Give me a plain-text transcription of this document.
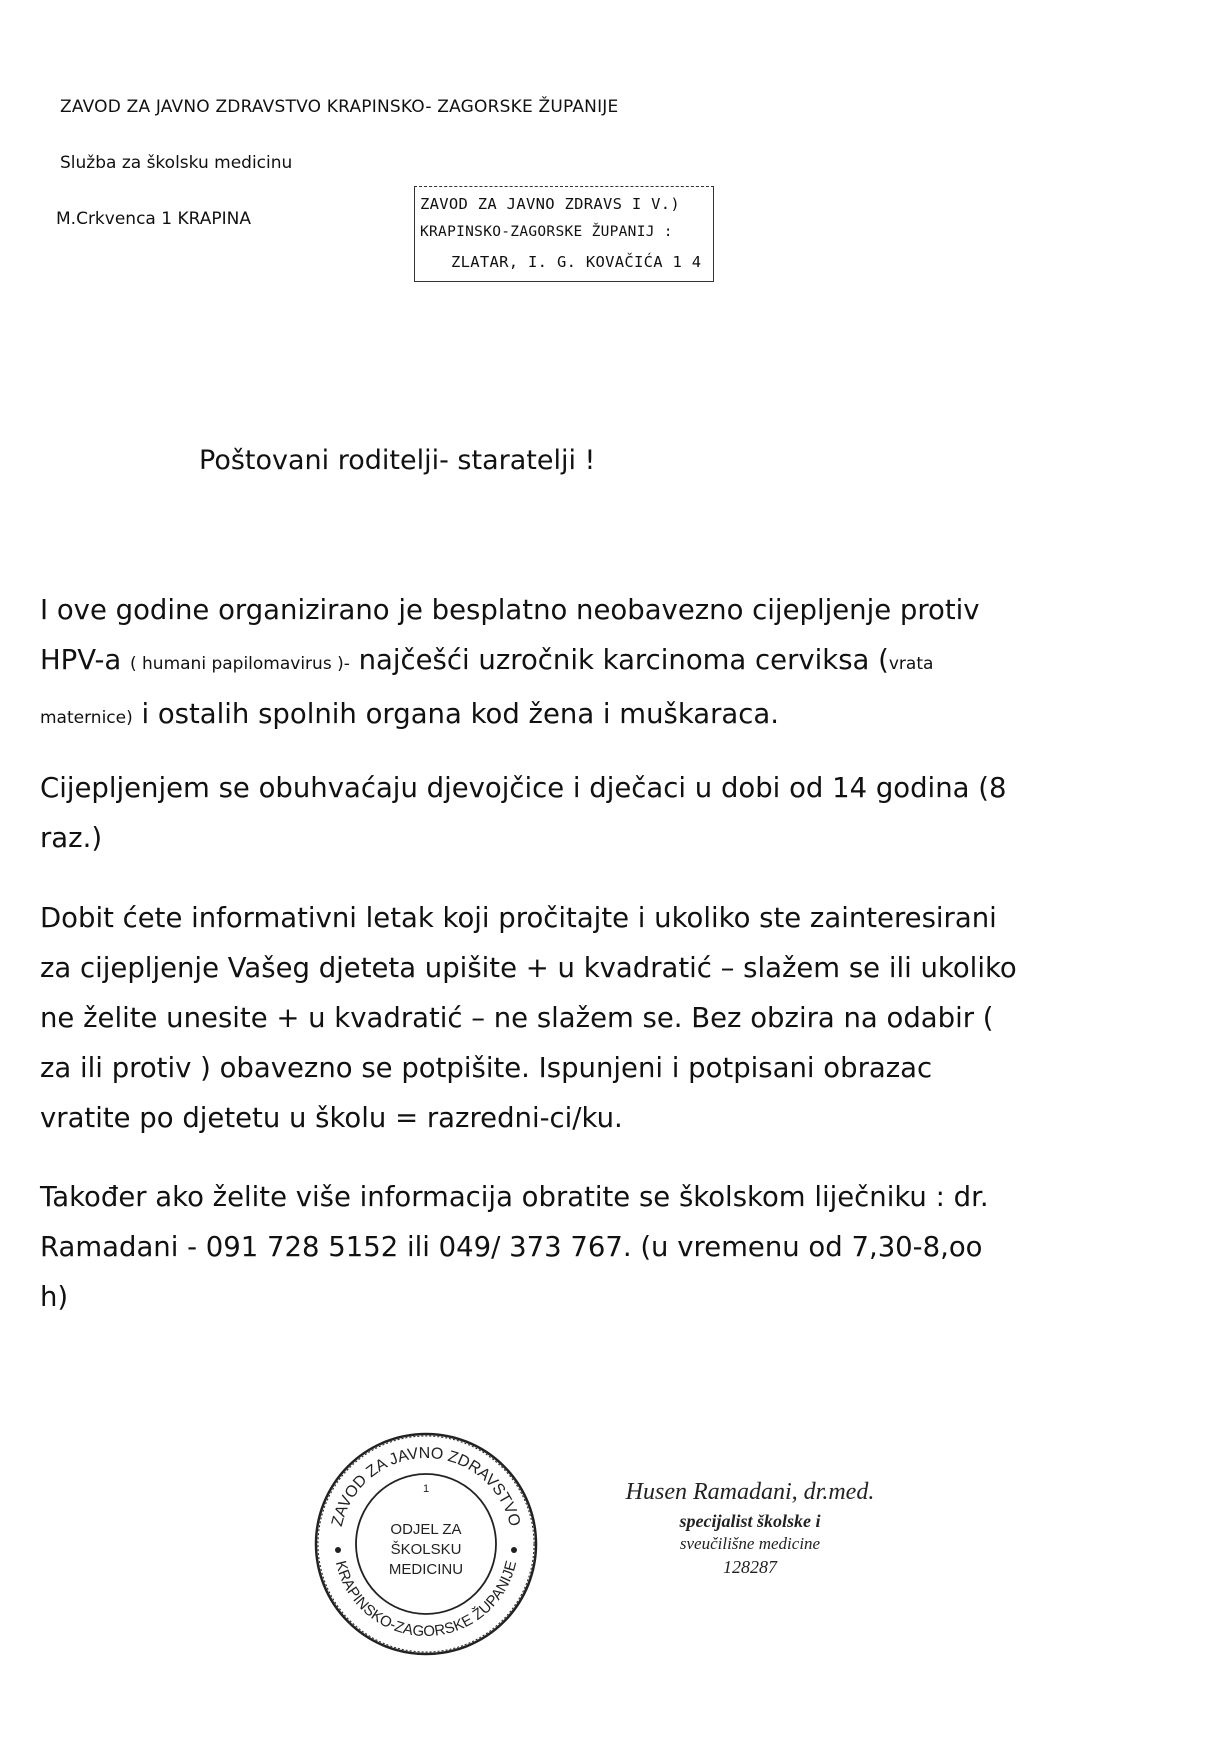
ZAVOD ZA JAVNO ZDRAVSTVO KRAPINSKO- ZAGORSKE ŽUPANIJE
Služba za školsku medicinu
M.Crkvenca 1 KRAPINA
ZAVOD ZA JAVNO ZDRAVS I V.)
KRAPINSKO-ZAGORSKE ŽUPANIJ :
ZLATAR, I. G. KOVAČIĆA 1 4
Poštovani roditelji- staratelji !
I ove godine organizirano je besplatno neobavezno cijepljenje protiv
HPV-a ( humani papilomavirus )- najčešći uzročnik karcinoma cerviksa (vrata
maternice) i ostalih spolnih organa kod žena i muškaraca.
Cijepljenjem se obuhvaćaju djevojčice i dječaci u dobi od 14 godina (8
raz.)
Dobit ćete informativni letak koji pročitajte i ukoliko ste zainteresirani
za cijepljenje Vašeg djeteta upišite + u kvadratić – slažem se ili ukoliko
ne želite unesite + u kvadratić – ne slažem se. Bez obzira na odabir (
za ili protiv ) obavezno se potpišite. Ispunjeni i potpisani obrazac
vratite po djetetu u školu = razredni-ci/ku.
Također ako želite više informacija obratite se školskom liječniku : dr.
Ramadani - 091 728 5152 ili 049/ 373 767. (u vremenu od 7,30-8,oo
h)
ZAVOD ZA JAVNO ZDRAVSTVO
KRAPINSKO-ZAGORSKE ŽUPANIJE
1
ODJEL ZA
ŠKOLSKU
MEDICINU
Husen Ramadani, dr.med.
specijalist školske i
sveučilišne medicine
128287
